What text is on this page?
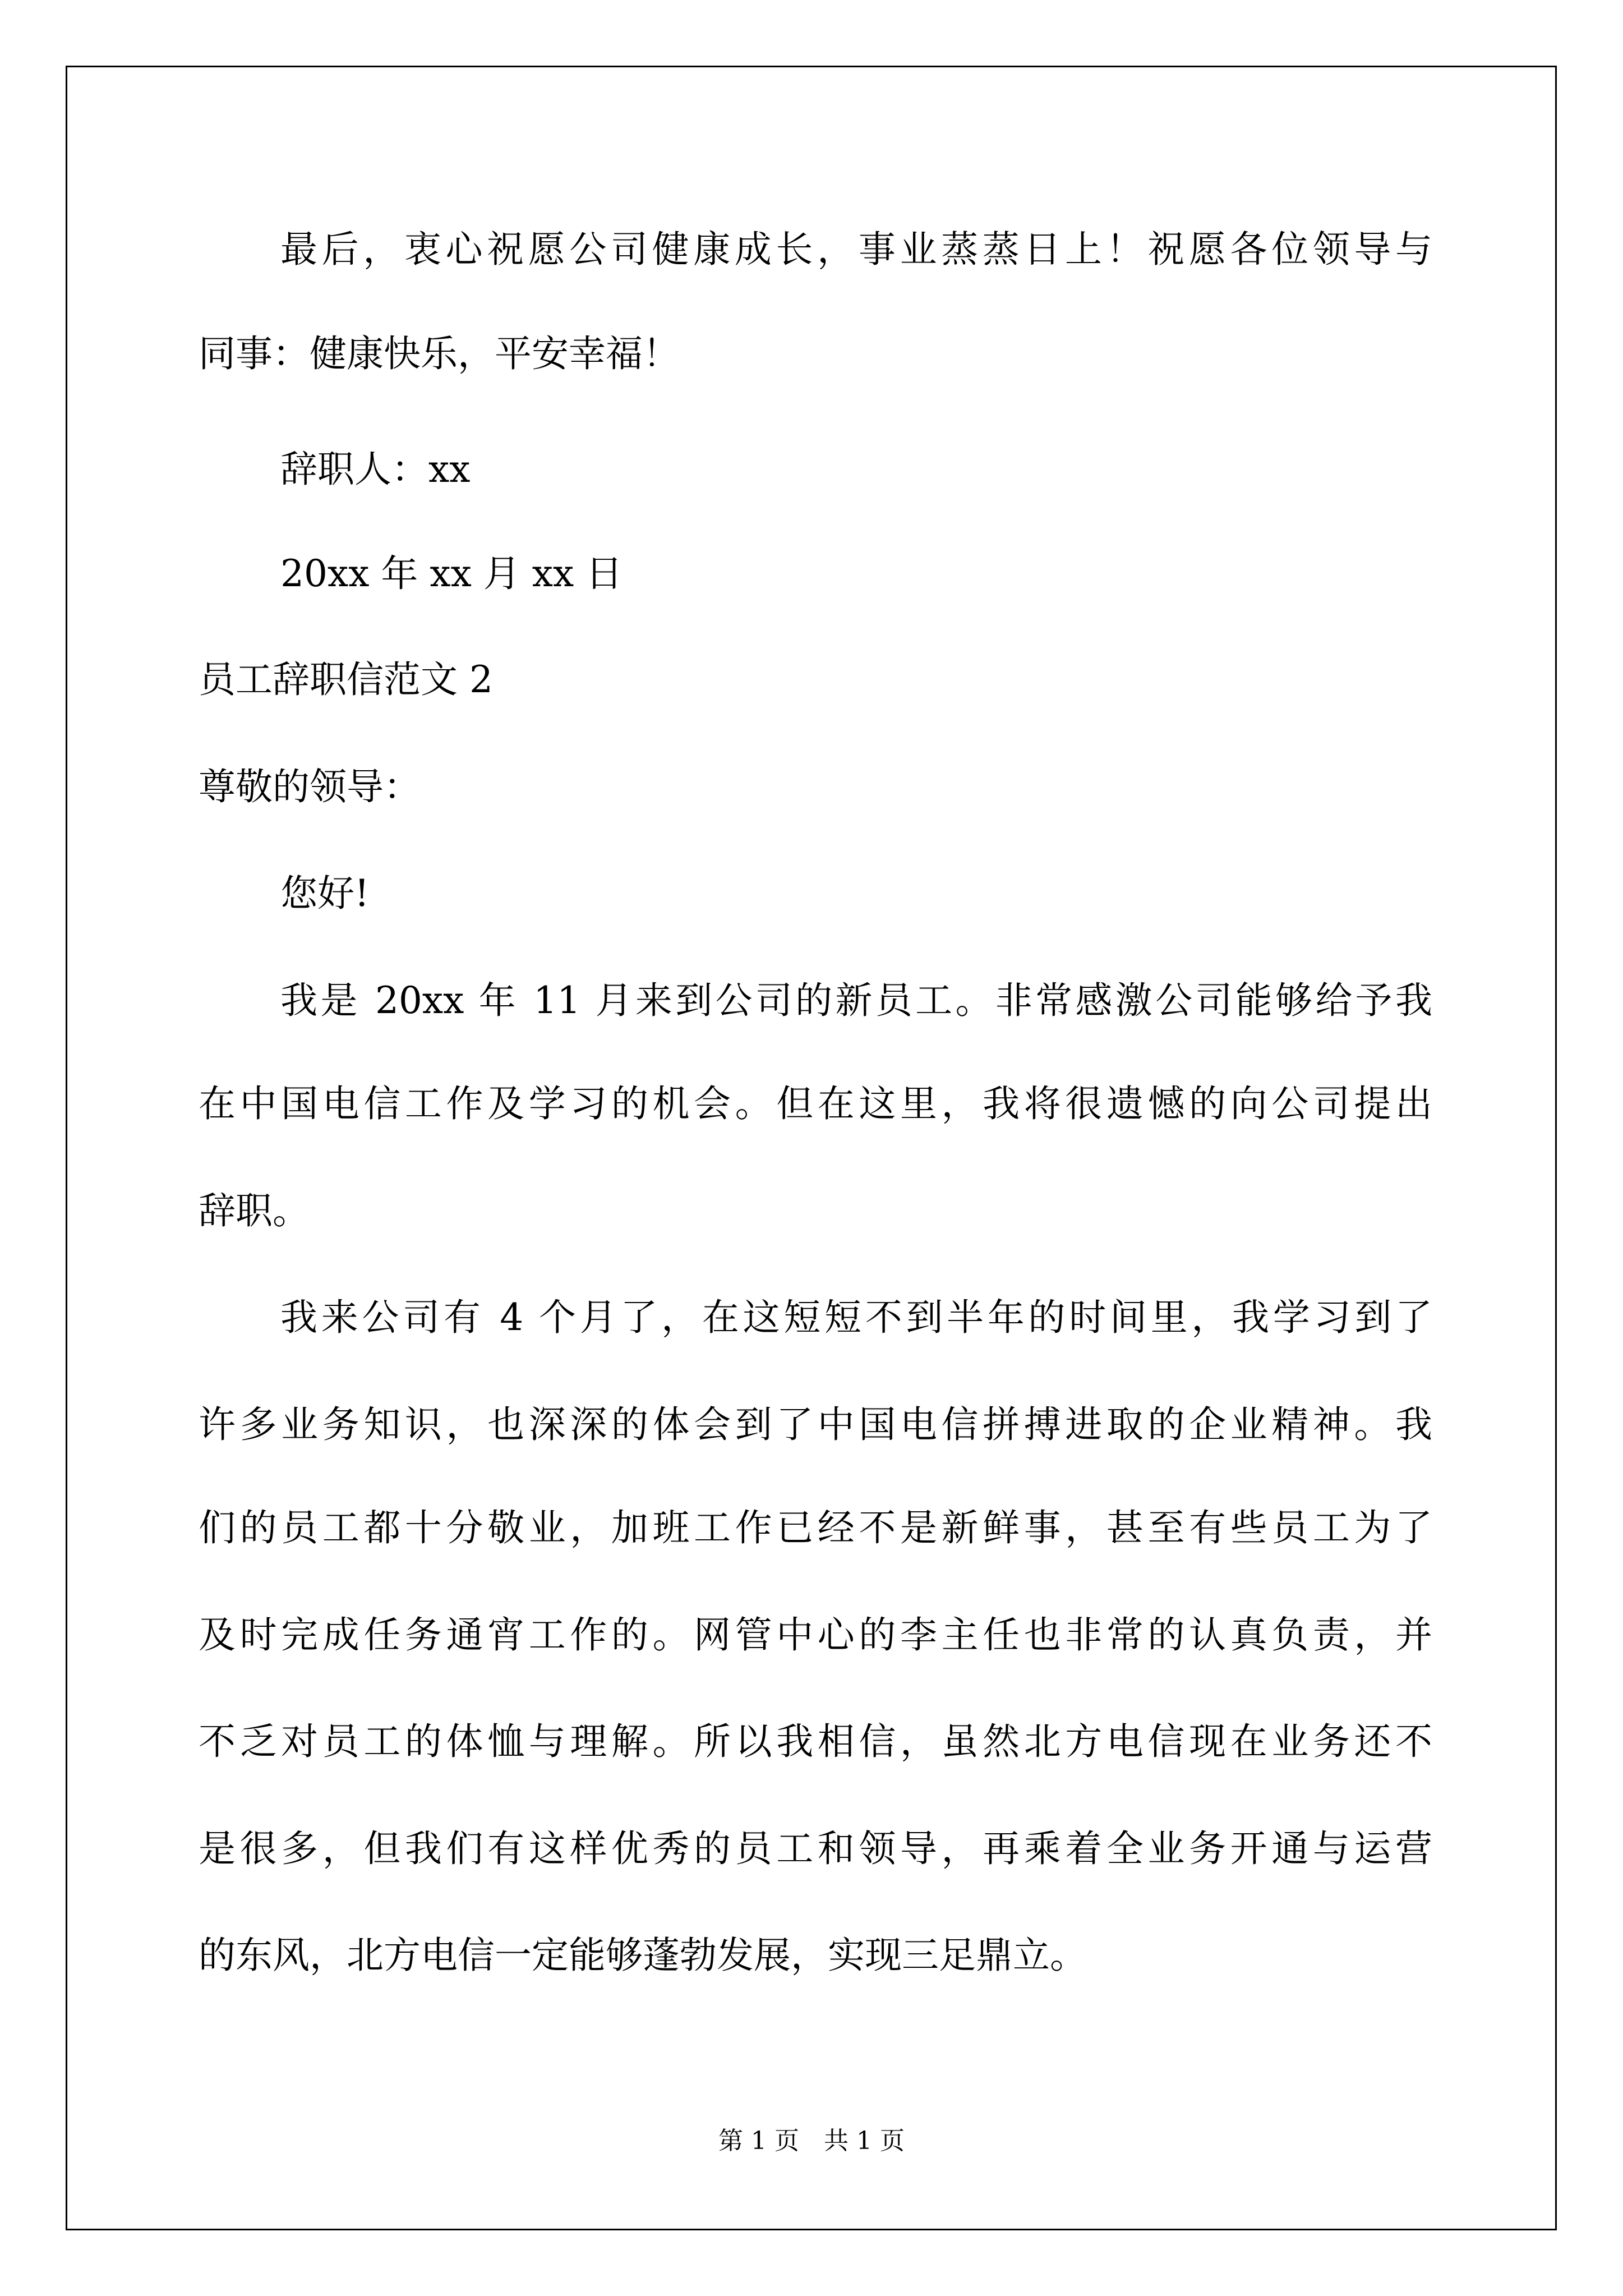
最后，衷心祝愿公司健康成长，事业蒸蒸日上！祝愿各位领导与
同事：健康快乐，平安幸福！
辞职人：xx
20xx 年 xx 月 xx 日
员工辞职信范文 2
尊敬的领导：
您好!
我是 20xx 年 11 月来到公司的新员工。非常感激公司能够给予我
在中国电信工作及学习的机会。但在这里，我将很遗憾的向公司提出
辞职。
我来公司有 4 个月了，在这短短不到半年的时间里，我学习到了
许多业务知识，也深深的体会到了中国电信拼搏进取的企业精神。我
们的员工都十分敬业，加班工作已经不是新鲜事，甚至有些员工为了
及时完成任务通宵工作的。网管中心的李主任也非常的认真负责，并
不乏对员工的体恤与理解。所以我相信，虽然北方电信现在业务还不
是很多，但我们有这样优秀的员工和领导，再乘着全业务开通与运营
的东风，北方电信一定能够蓬勃发展，实现三足鼎立。
第 1 页　共 1 页
